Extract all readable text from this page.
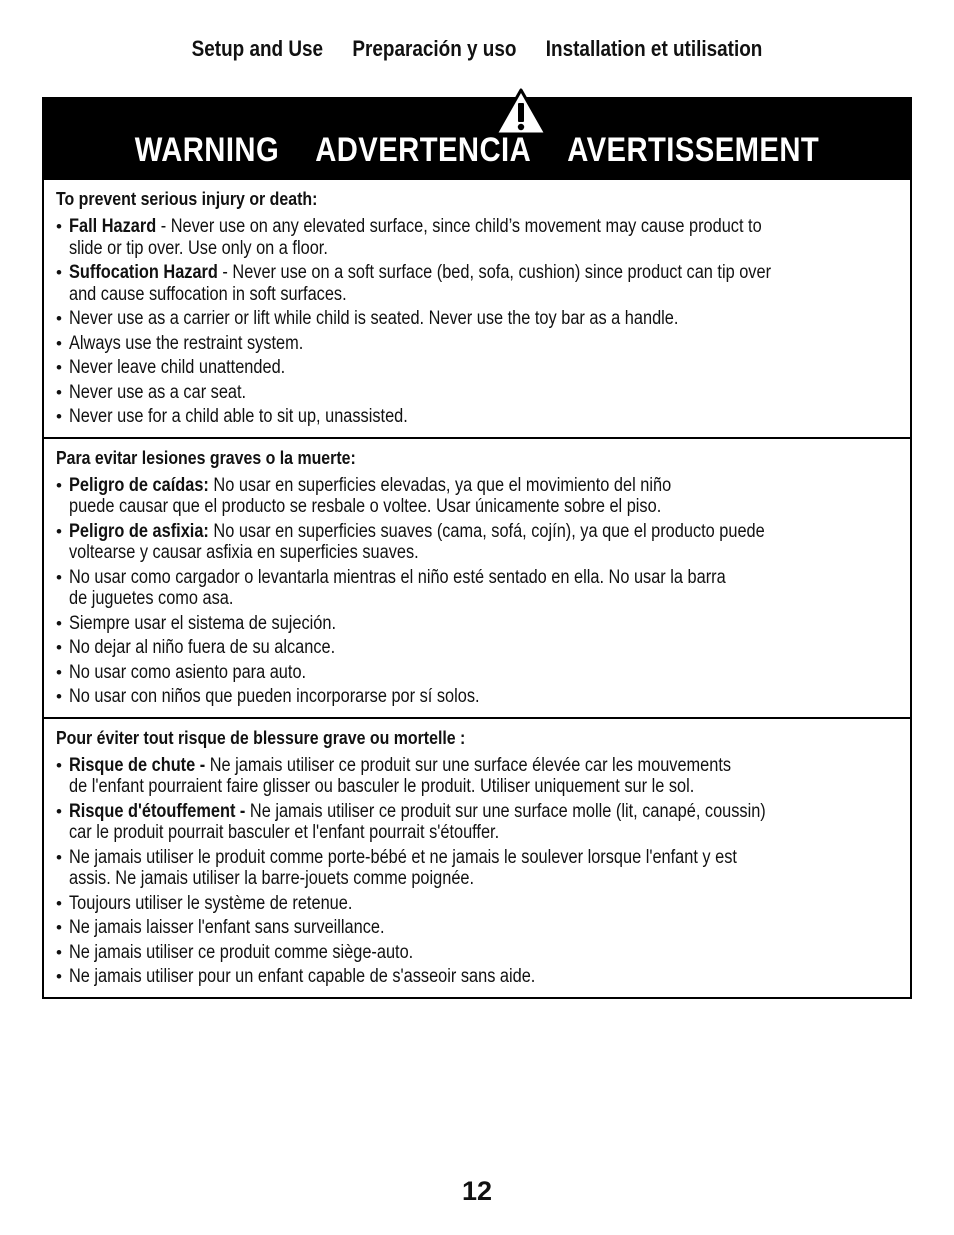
Setup and Use Preparación y uso Installation et utilisation
WARNING ADVERTENCIA AVERTISSEMENT
To prevent serious injury or death:
• Fall Hazard - Never use on any elevated surface, since child’s movement may cause product to
slide or tip over. Use only on a floor.
• Suffocation Hazard - Never use on a soft surface (bed, sofa, cushion) since product can tip over
and cause suffocation in soft surfaces.
• Never use as a carrier or lift while child is seated. Never use the toy bar as a handle.
• Always use the restraint system.
• Never leave child unattended.
• Never use as a car seat.
• Never use for a child able to sit up, unassisted.
Para evitar lesiones graves o la muerte:
• Peligro de caídas: No usar en superficies elevadas, ya que el movimiento del niño
puede causar que el producto se resbale o voltee. Usar únicamente sobre el piso.
• Peligro de asfixia: No usar en superficies suaves (cama, sofá, cojín), ya que el producto puede
voltearse y causar asfixia en superficies suaves.
• No usar como cargador o levantarla mientras el niño esté sentado en ella. No usar la barra
de juguetes como asa.
• Siempre usar el sistema de sujeción.
• No dejar al niño fuera de su alcance.
• No usar como asiento para auto.
• No usar con niños que pueden incorporarse por sí solos.
Pour éviter tout risque de blessure grave ou mortelle :
• Risque de chute - Ne jamais utiliser ce produit sur une surface élevée car les mouvements
de l'enfant pourraient faire glisser ou basculer le produit. Utiliser uniquement sur le sol.
• Risque d'étouffement - Ne jamais utiliser ce produit sur une surface molle (lit, canapé, coussin)
car le produit pourrait basculer et l'enfant pourrait s'étouffer.
• Ne jamais utiliser le produit comme porte-bébé et ne jamais le soulever lorsque l'enfant y est
assis. Ne jamais utiliser la barre-jouets comme poignée.
• Toujours utiliser le système de retenue.
• Ne jamais laisser l'enfant sans surveillance.
• Ne jamais utiliser ce produit comme siège-auto.
• Ne jamais utiliser pour un enfant capable de s'asseoir sans aide.
12
